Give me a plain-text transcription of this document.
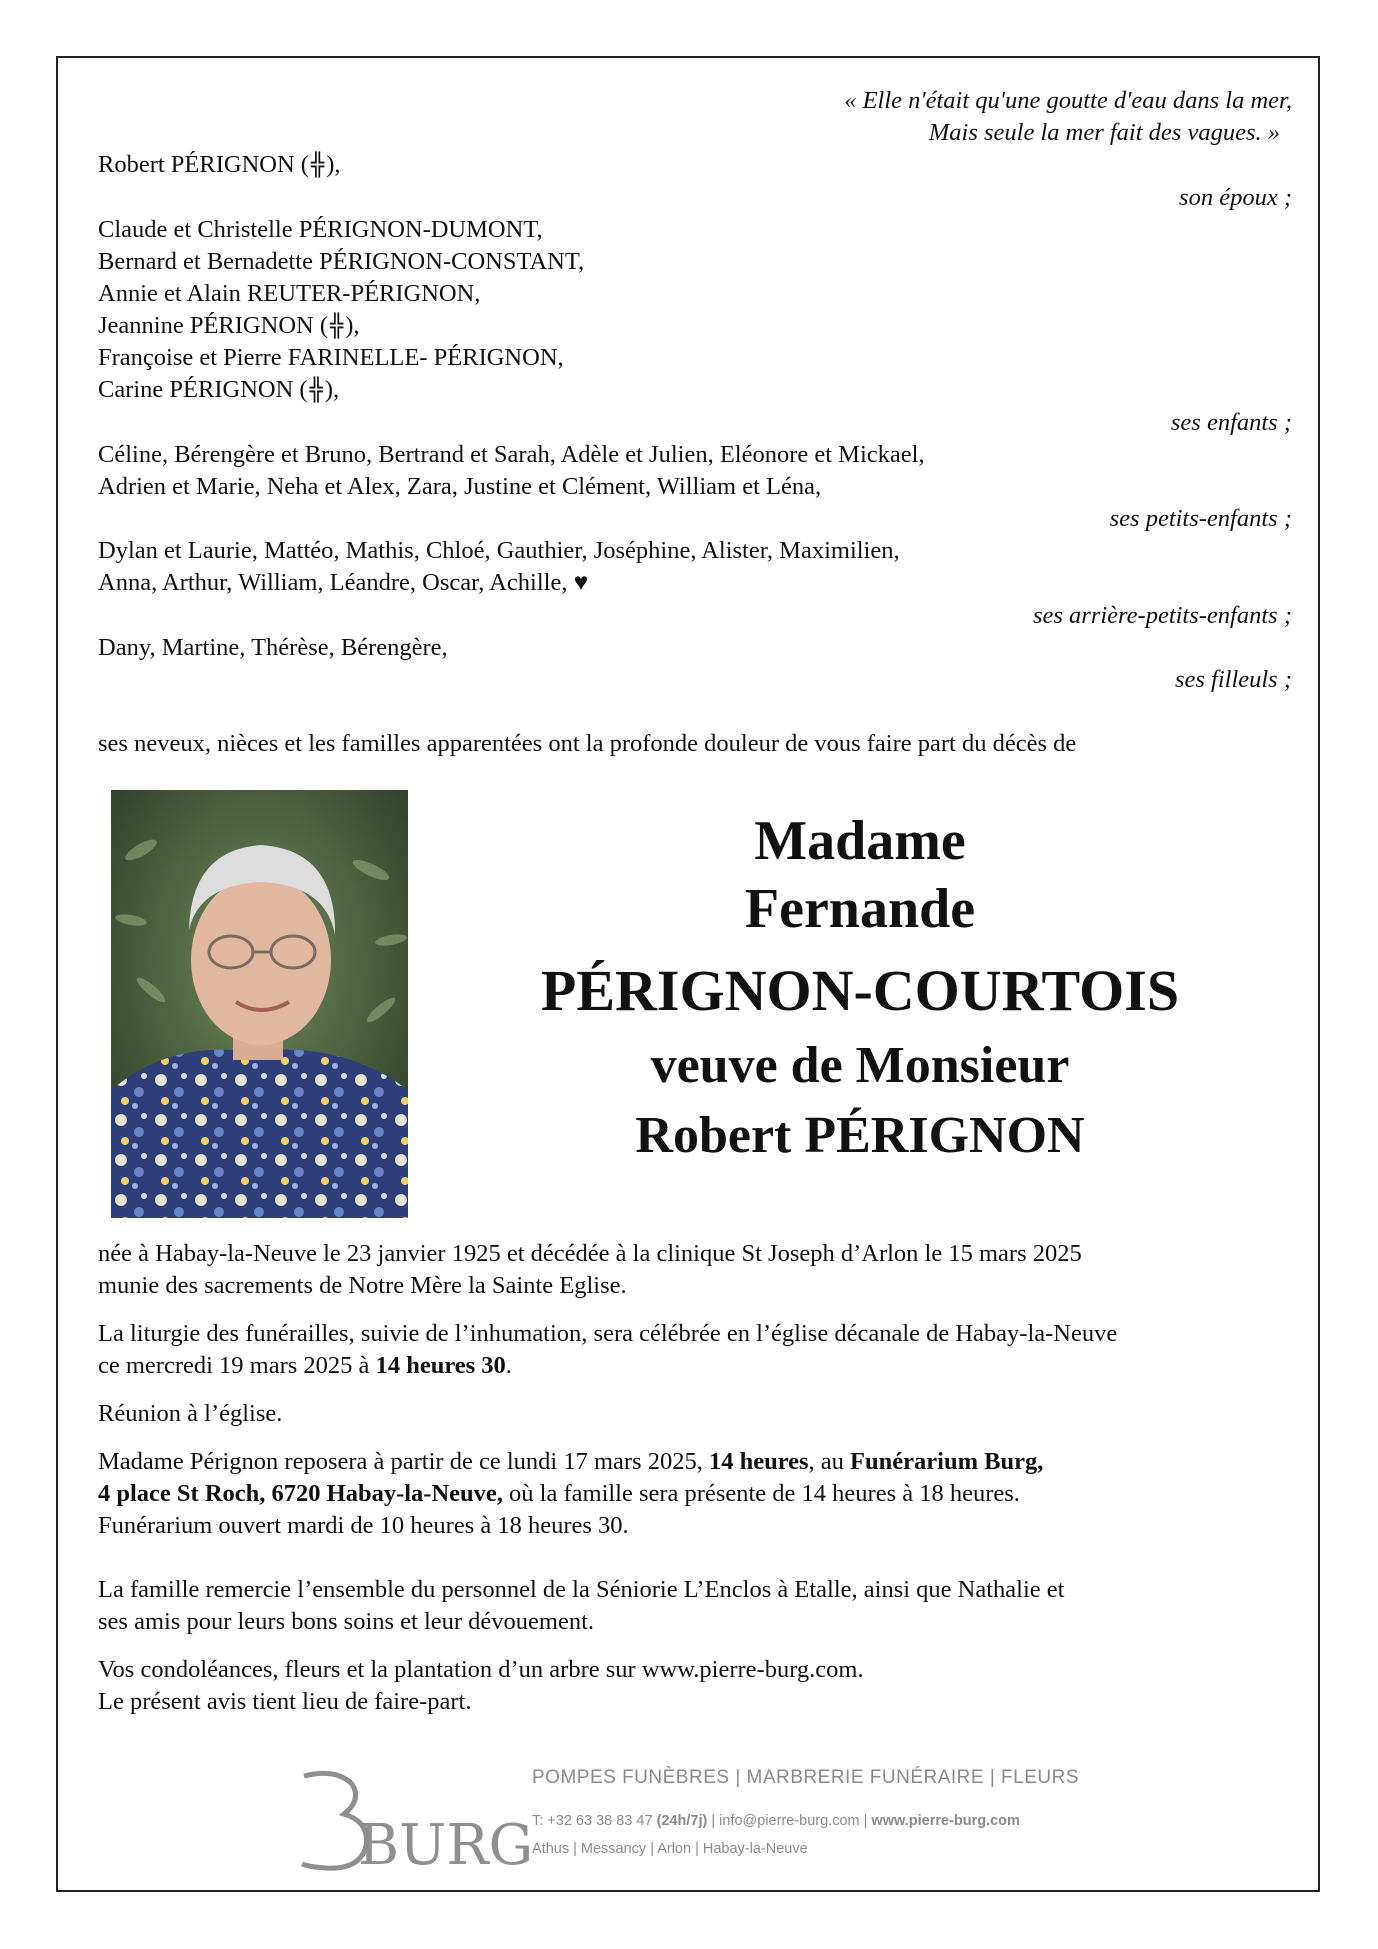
« Elle n'était qu'une goutte d'eau dans la mer,
Mais seule la mer fait des vagues. »
Robert PÉRIGNON (╬),
son époux ;
Claude et Christelle PÉRIGNON-DUMONT,
Bernard et Bernadette PÉRIGNON-CONSTANT,
Annie et Alain REUTER-PÉRIGNON,
Jeannine PÉRIGNON (╬),
Françoise et Pierre FARINELLE- PÉRIGNON,
Carine PÉRIGNON (╬),
ses enfants ;
Céline, Bérengère et Bruno, Bertrand et Sarah, Adèle et Julien, Eléonore et Mickael,
Adrien et Marie, Neha et Alex, Zara, Justine et Clément, William et Léna,
ses petits-enfants ;
Dylan et Laurie, Mattéo, Mathis, Chloé, Gauthier, Joséphine, Alister, Maximilien,
Anna, Arthur, William, Léandre, Oscar, Achille, ♥
ses arrière-petits-enfants ;
Dany, Martine, Thérèse, Bérengère,
ses filleuls ;
ses neveux, nièces et les familles apparentées ont la profonde douleur de vous faire part du décès de
Madame
Fernande
PÉRIGNON-COURTOIS
veuve de Monsieur
Robert PÉRIGNON
née à Habay-la-Neuve le 23 janvier 1925 et décédée à la clinique St Joseph d’Arlon le 15 mars 2025
munie des sacrements de Notre Mère la Sainte Eglise.
La liturgie des funérailles, suivie de l’inhumation, sera célébrée en l’église décanale de Habay-la-Neuve
ce mercredi 19 mars 2025 à 14 heures 30.
Réunion à l’église.
Madame Pérignon reposera à partir de ce lundi 17 mars 2025, 14 heures, au Funérarium Burg,
4 place St Roch, 6720 Habay-la-Neuve, où la famille sera présente de 14 heures à 18 heures.
Funérarium ouvert mardi de 10 heures à 18 heures 30.
La famille remercie l’ensemble du personnel de la Séniorie L’Enclos à Etalle, ainsi que Nathalie et
ses amis pour leurs bons soins et leur dévouement.
Vos condoléances, fleurs et la plantation d’un arbre sur www.pierre-burg.com.
Le présent avis tient lieu de faire-part.
BURG
POMPES FUNÈBRES | MARBRERIE FUNÉRAIRE | FLEURS
T: +32 63 38 83 47 (24h/7j) | info@pierre-burg.com | www.pierre-burg.com
Athus | Messancy | Arlon | Habay-la-Neuve
